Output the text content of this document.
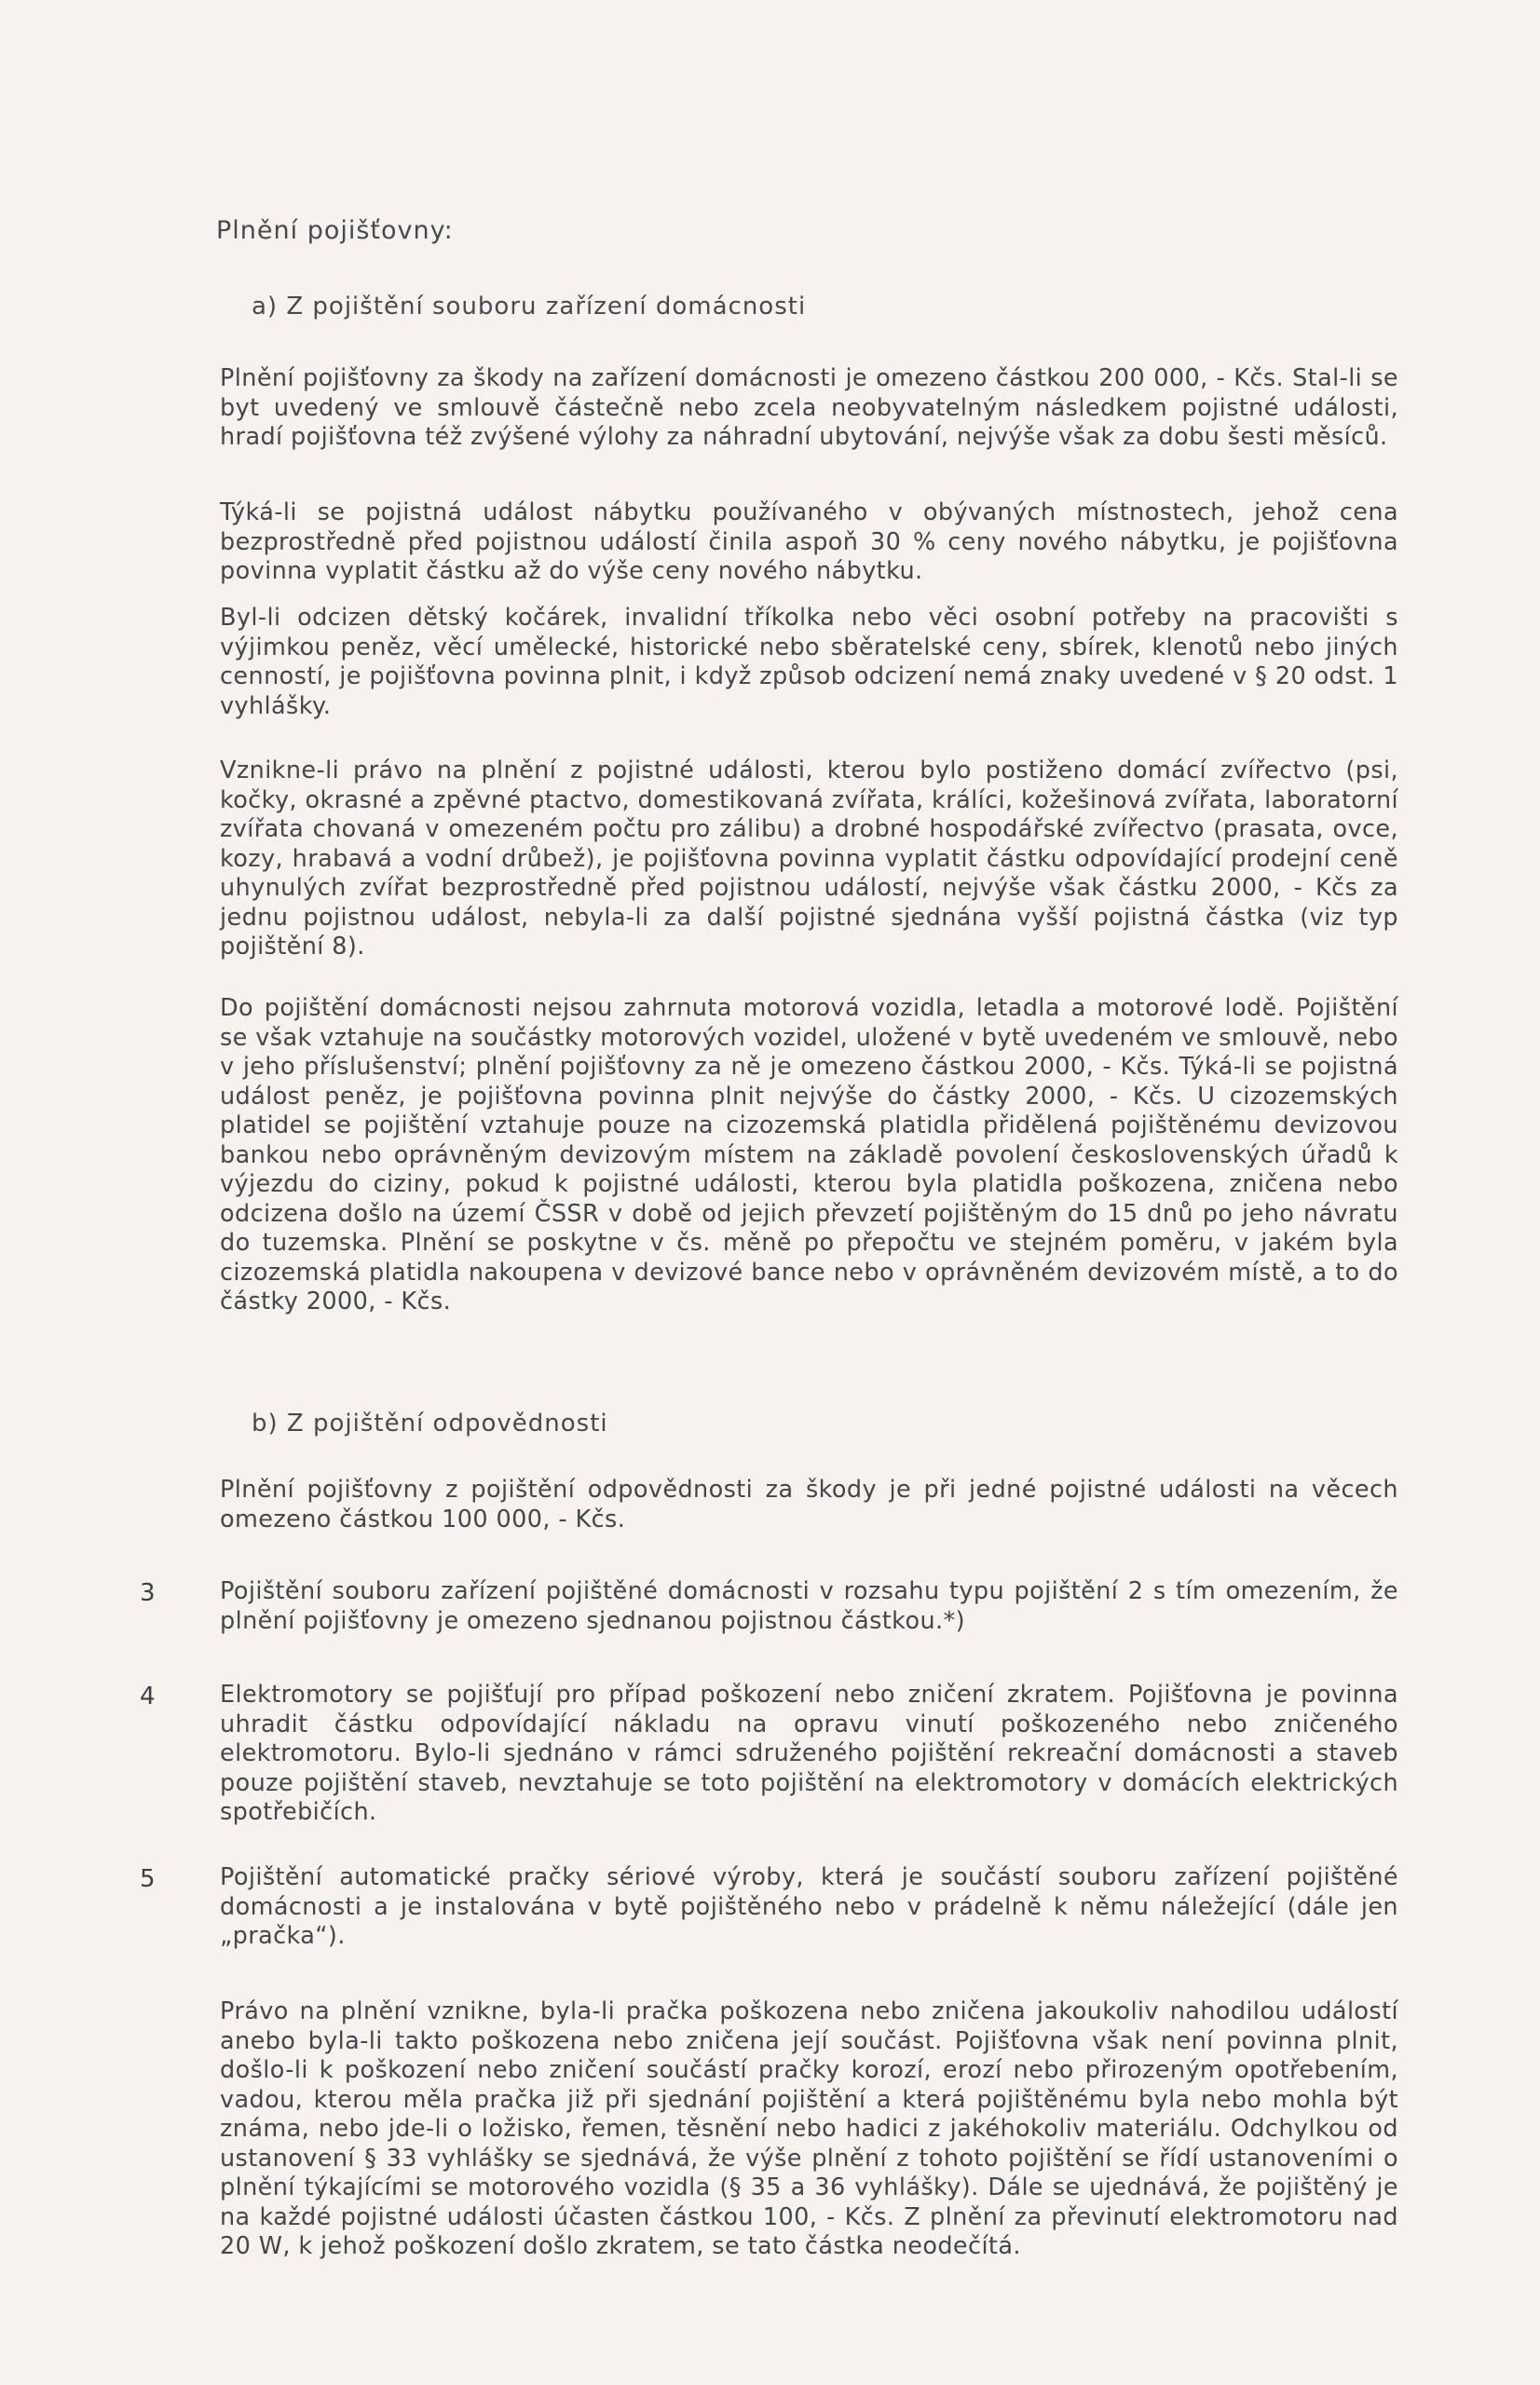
Plnění pojišťovny:
a) Z pojištění souboru zařízení domácnosti
Plnění pojišťovny za škody na zařízení domácnosti je omezeno částkou 200 000, - Kčs. Stal-li se byt uvedený ve smlouvě částečně nebo zcela neobyvatelným následkem pojistné události, hradí pojišťovna též zvýšené výlohy za náhradní ubytování, nejvýše však za dobu šesti měsíců.
Týká-li se pojistná událost nábytku používaného v obývaných místnostech, jehož cena bezprostředně před pojistnou událostí činila aspoň 30 % ceny nového nábytku, je pojišťovna povinna vyplatit částku až do výše ceny nového nábytku.
Byl-li odcizen dětský kočárek, invalidní tříkolka nebo věci osobní potřeby na pracovišti s výjimkou peněz, věcí umělecké, historické nebo sběratelské ceny, sbírek, klenotů nebo jiných cenností, je pojišťovna povinna plnit, i když způsob odcizení nemá znaky uvedené v § 20 odst. 1 vyhlášky.
Vznikne-li právo na plnění z pojistné události, kterou bylo postiženo domácí zvířectvo (psi, kočky, okrasné a zpěvné ptactvo, domestikovaná zvířata, králíci, kožešinová zvířata, laboratorní zvířata chovaná v omezeném počtu pro zálibu) a drobné hospodářské zvířectvo (prasata, ovce, kozy, hrabavá a vodní drůbež), je pojišťovna povinna vyplatit částku odpovídající prodejní ceně uhynulých zvířat bezprostředně před pojistnou událostí, nejvýše však částku 2000, - Kčs za jednu pojistnou událost, nebyla-li za další pojistné sjednána vyšší pojistná částka (viz typ pojištění 8).
Do pojištění domácnosti nejsou zahrnuta motorová vozidla, letadla a motorové lodě. Pojištění se však vztahuje na součástky motorových vozidel, uložené v bytě uvedeném ve smlouvě, nebo v jeho příslušenství; plnění pojišťovny za ně je omezeno částkou 2000, - Kčs. Týká-li se pojistná událost peněz, je pojišťovna povinna plnit nejvýše do částky 2000, - Kčs. U cizozemských platidel se pojištění vztahuje pouze na cizozemská platidla přidělená pojištěnému devizovou bankou nebo oprávněným devizovým místem na základě povolení československých úřadů k výjezdu do ciziny, pokud k pojistné události, kterou byla platidla poškozena, zničena nebo odcizena došlo na území ČSSR v době od jejich převzetí pojištěným do 15 dnů po jeho návratu do tuzemska. Plnění se poskytne v čs. měně po přepočtu ve stejném poměru, v jakém byla cizozemská platidla nakoupena v devizové bance nebo v oprávněném devizovém místě, a to do částky 2000, - Kčs.
b) Z pojištění odpovědnosti
Plnění pojišťovny z pojištění odpovědnosti za škody je při jedné pojistné události na věcech omezeno částkou 100 000, - Kčs.
3	Pojištění souboru zařízení pojištěné domácnosti v rozsahu typu pojištění 2 s tím omezením, že plnění pojišťovny je omezeno sjednanou pojistnou částkou.*)
4	Elektromotory se pojišťují pro případ poškození nebo zničení zkratem. Pojišťovna je povinna uhradit částku odpovídající nákladu na opravu vinutí poškozeného nebo zničeného elektromotoru. Bylo-li sjednáno v rámci sdruženého pojištění rekreační domácnosti a staveb pouze pojištění staveb, nevztahuje se toto pojištění na elektromotory v domácích elektrických spotřebičích.
5	Pojištění automatické pračky sériové výroby, která je součástí souboru zařízení pojištěné domácnosti a je instalována v bytě pojištěného nebo v prádelně k němu náležející (dále jen „pračka“).
Právo na plnění vznikne, byla-li pračka poškozena nebo zničena jakoukoliv nahodilou událostí anebo byla-li takto poškozena nebo zničena její součást. Pojišťovna však není povinna plnit, došlo-li k poškození nebo zničení součástí pračky korozí, erozí nebo přirozeným opotřebením, vadou, kterou měla pračka již při sjednání pojištění a která pojištěnému byla nebo mohla být známa, nebo jde-li o ložisko, řemen, těsnění nebo hadici z jakéhokoliv materiálu. Odchylkou od ustanovení § 33 vyhlášky se sjednává, že výše plnění z tohoto pojištění se řídí ustanoveními o plnění týkajícími se motorového vozidla (§ 35 a 36 vyhlášky). Dále se ujednává, že pojištěný je na každé pojistné události účasten částkou 100, - Kčs. Z plnění za převinutí elektromotoru nad 20 W, k jehož poškození došlo zkratem, se tato částka neodečítá.
